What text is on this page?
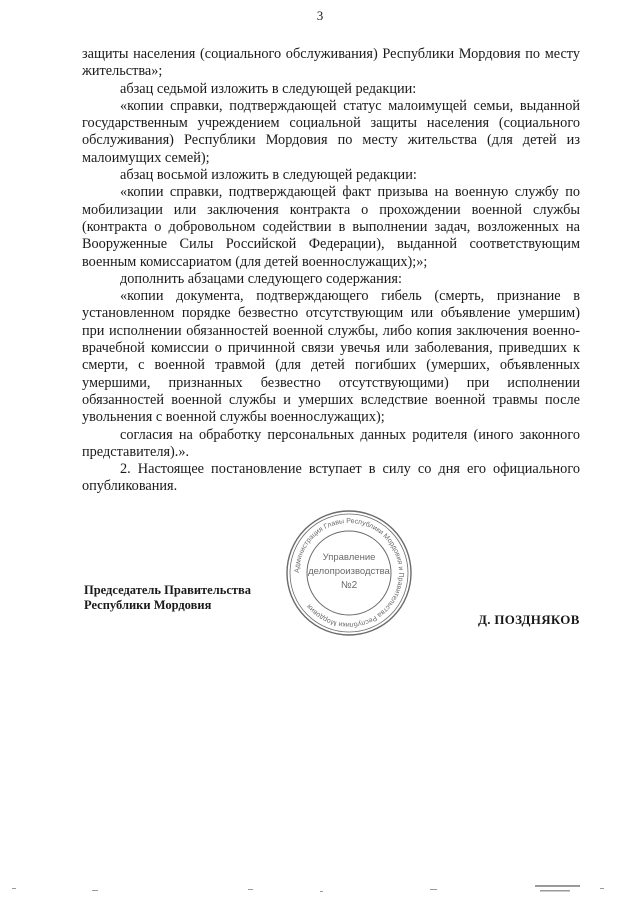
3

защиты населения (социального обслуживания) Республики Мордовия по месту жительства»;

абзац седьмой изложить в следующей редакции:

«копии справки, подтверждающей статус малоимущей семьи, выданной государственным учреждением социальной защиты населения (социального обслуживания) Республики Мордовия по месту жительства (для детей из малоимущих семей);

абзац восьмой изложить в следующей редакции:

«копии справки, подтверждающей факт призыва на военную службу по мобилизации или заключения контракта о прохождении военной службы (контракта о добровольном содействии в выполнении задач, возложенных на Вооруженные Силы Российской Федерации), выданной соответствующим военным комиссариатом (для детей военнослужащих);»;

дополнить абзацами следующего содержания:

«копии документа, подтверждающего гибель (смерть, признание в установленном порядке безвестно отсутствующим или объявление умершим) при исполнении обязанностей военной службы, либо копия заключения военно-врачебной комиссии о причинной связи увечья или заболевания, приведших к смерти, с военной травмой (для детей погибших (умерших, объявленных умершими, признанных безвестно отсутствующими) при исполнении обязанностей военной службы и умерших вследствие военной травмы после увольнения с военной службы военнослужащих);

согласия на обработку персональных данных родителя (иного законного представителя).».

2. Настоящее постановление вступает в силу со дня его официального опубликования.

Председатель Правительства
Республики Мордовия
Д. ПОЗДНЯКОВ
Администрация Главы Республики Мордовия и Правительства Республики Мордовия
Управление
делопроизводства
№2
